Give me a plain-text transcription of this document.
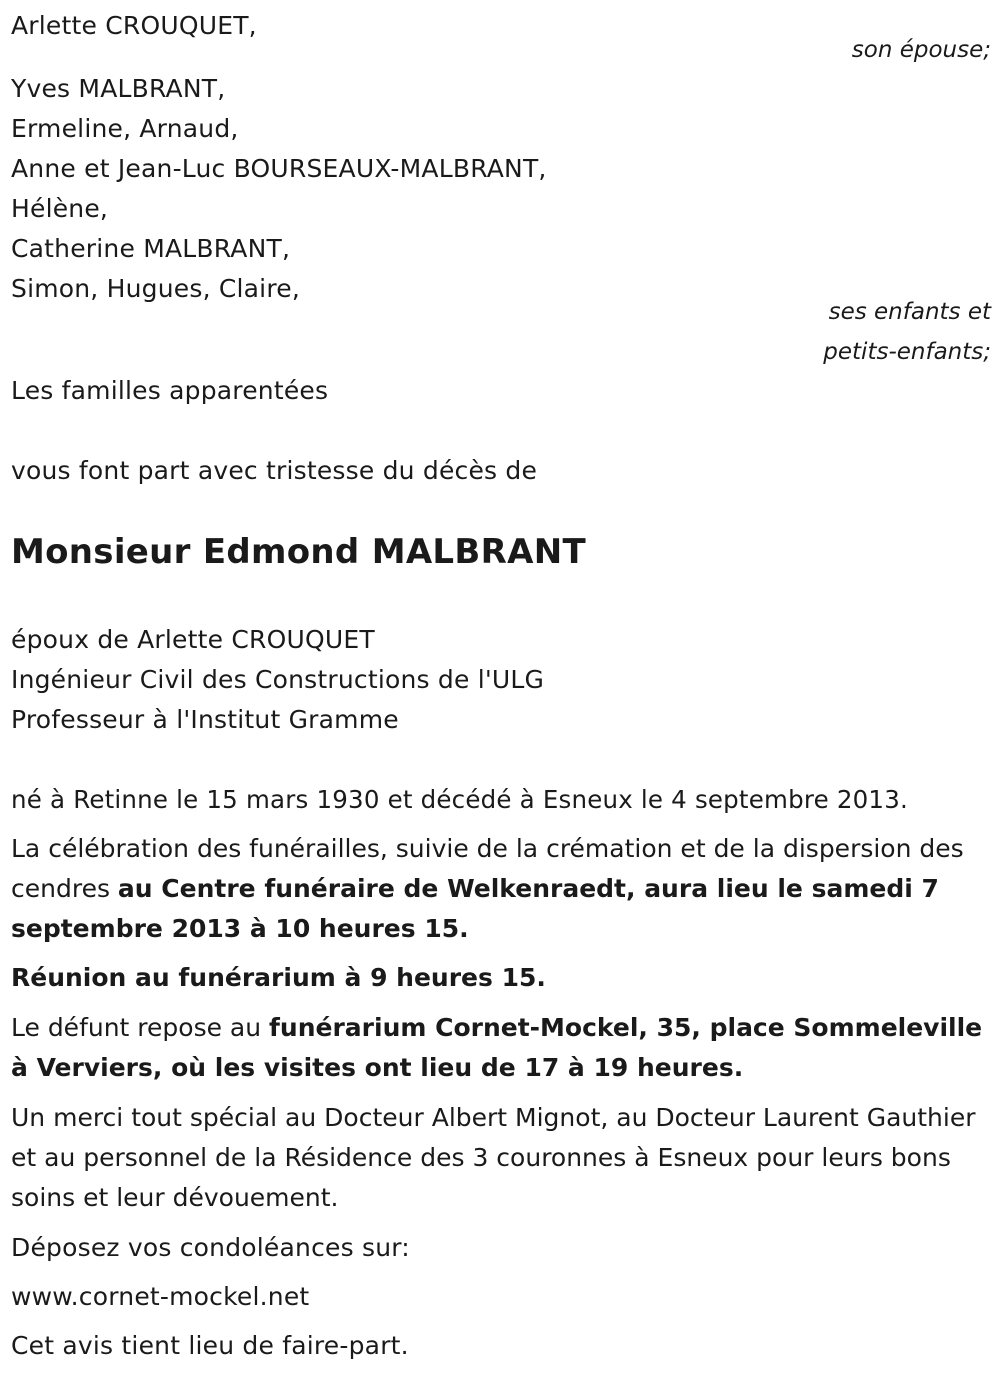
Arlette CROUQUET,
son épouse;
Yves MALBRANT,
Ermeline, Arnaud,
Anne et Jean-Luc BOURSEAUX-MALBRANT,
Hélène,
Catherine MALBRANT,
Simon, Hugues, Claire,
ses enfants et
petits-enfants;
Les familles apparentées
vous font part avec tristesse du décès de
Monsieur Edmond MALBRANT
époux de Arlette CROUQUET
Ingénieur Civil des Constructions de l'ULG
Professeur à l'Institut Gramme
né à Retinne le 15 mars 1930 et décédé à Esneux le 4 septembre 2013.
La célébration des funérailles, suivie de la crémation et de la dispersion des cendres au Centre funéraire de Welkenraedt, aura lieu le samedi 7 septembre 2013 à 10 heures 15.
Réunion au funérarium à 9 heures 15.
Le défunt repose au funérarium Cornet-Mockel, 35, place Sommeleville à Verviers, où les visites ont lieu de 17 à 19 heures.
Un merci tout spécial au Docteur Albert Mignot, au Docteur Laurent Gauthier et au personnel de la Résidence des 3 couronnes à Esneux pour leurs bons soins et leur dévouement.
Déposez vos condoléances sur:
www.cornet-mockel.net
Cet avis tient lieu de faire-part.
